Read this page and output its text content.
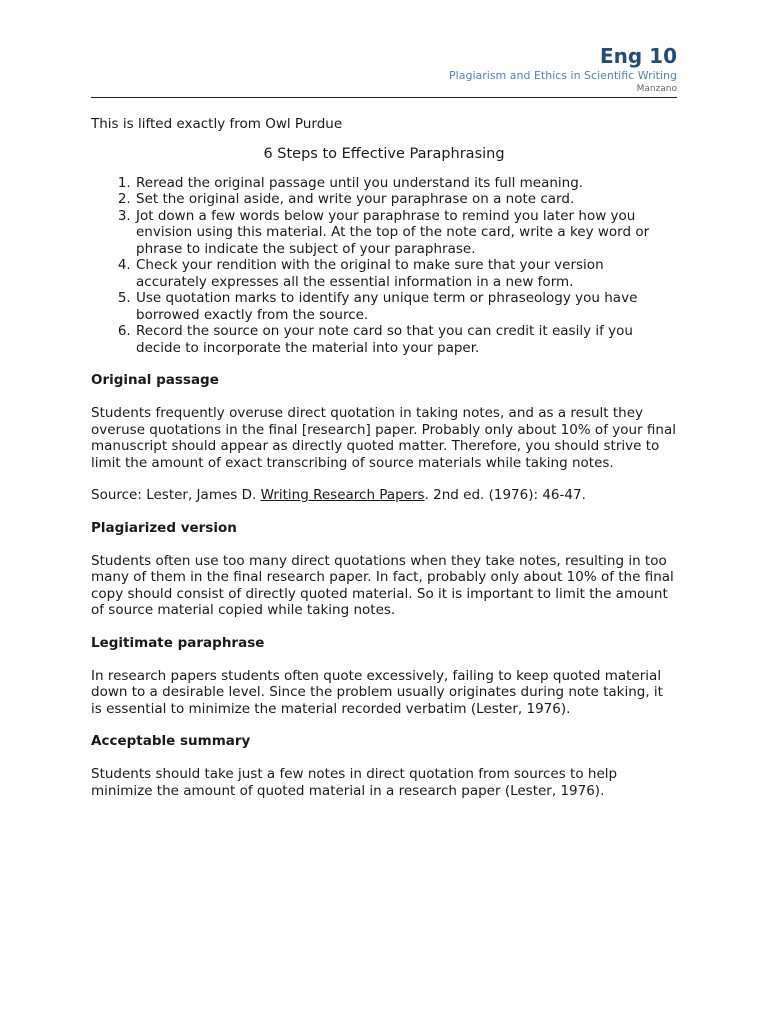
Eng 10
Plagiarism and Ethics in Scientific Writing
Manzano
This is lifted exactly from Owl Purdue
6 Steps to Effective Paraphrasing
1. Reread the original passage until you understand its full meaning.
2. Set the original aside, and write your paraphrase on a note card.
3. Jot down a few words below your paraphrase to remind you later how you envision using this material. At the top of the note card, write a key word or phrase to indicate the subject of your paraphrase.
4. Check your rendition with the original to make sure that your version accurately expresses all the essential information in a new form.
5. Use quotation marks to identify any unique term or phraseology you have borrowed exactly from the source.
6. Record the source on your note card so that you can credit it easily if you decide to incorporate the material into your paper.
Original passage
Students frequently overuse direct quotation in taking notes, and as a result they overuse quotations in the final [research] paper. Probably only about 10% of your final manuscript should appear as directly quoted matter. Therefore, you should strive to limit the amount of exact transcribing of source materials while taking notes.
Source: Lester, James D. Writing Research Papers. 2nd ed. (1976): 46-47.
Plagiarized version
Students often use too many direct quotations when they take notes, resulting in too many of them in the final research paper. In fact, probably only about 10% of the final copy should consist of directly quoted material. So it is important to limit the amount of source material copied while taking notes.
Legitimate paraphrase
In research papers students often quote excessively, failing to keep quoted material down to a desirable level. Since the problem usually originates during note taking, it is essential to minimize the material recorded verbatim (Lester, 1976).
Acceptable summary
Students should take just a few notes in direct quotation from sources to help minimize the amount of quoted material in a research paper (Lester, 1976).
